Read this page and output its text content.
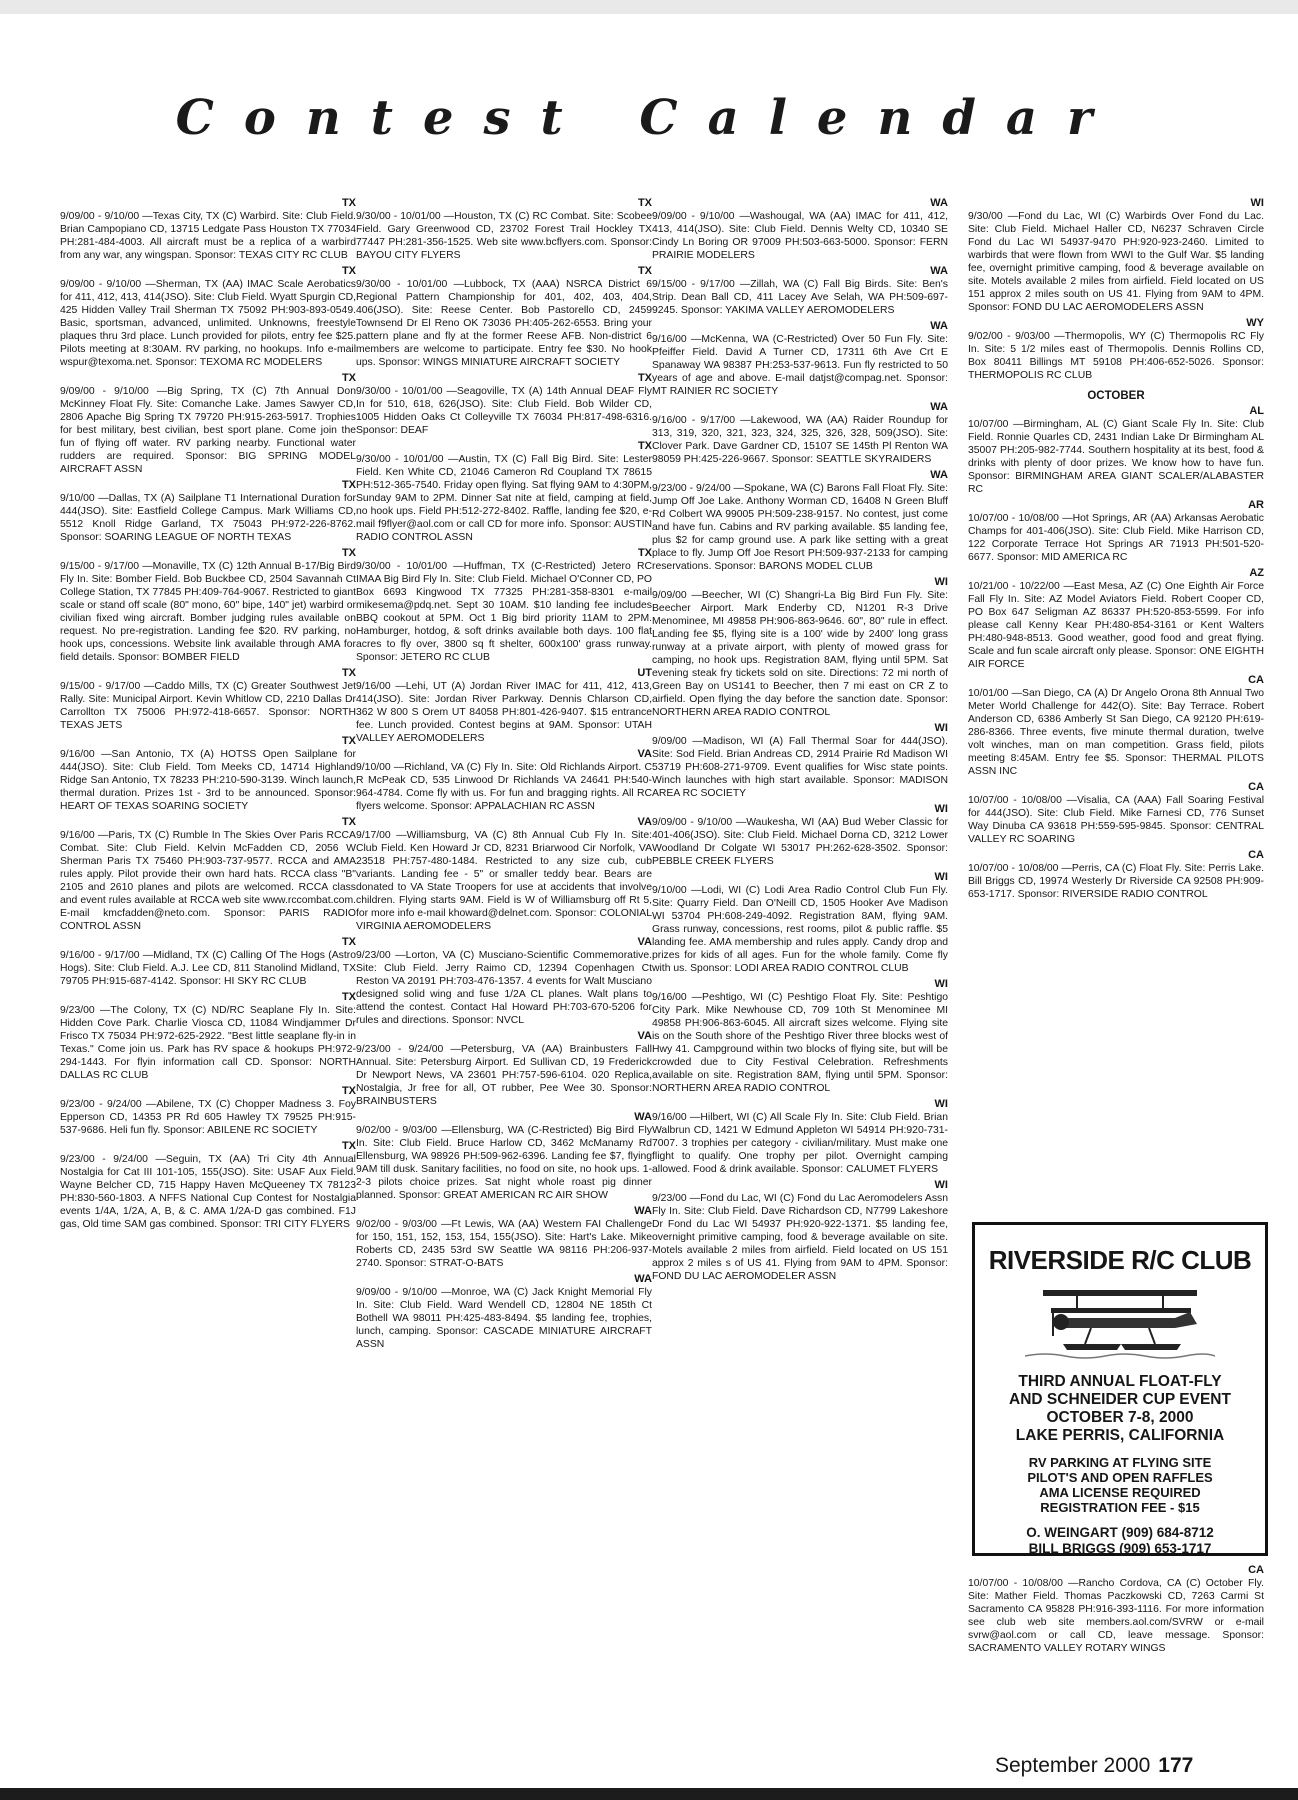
Contest Calendar
TX

9/09/00 - 9/10/00 —Texas City, TX (C) Warbird. Site: Club Field. Brian Campopiano CD, 13715 Ledgate Pass Houston TX 77034 PH:281-484-4003. All aircraft must be a replica of a warbird from any war, any wingspan. Sponsor: TEXAS CITY RC CLUB

TX

9/09/00 - 9/10/00 —Sherman, TX (AA) IMAC Scale Aerobatics for 411, 412, 413, 414(JSO). Site: Club Field. Wyatt Spurgin CD, 425 Hidden Valley Trail Sherman TX 75092 PH:903-893-0549. Basic, sportsman, advanced, unlimited. Unknowns, freestyle plaques thru 3rd place. Lunch provided for pilots, entry fee $25. Pilots meeting at 8:30AM. RV parking, no hookups. Info e-mail wspur@texoma.net. Sponsor: TEXOMA RC MODELERS

TX

9/09/00 - 9/10/00 —Big Spring, TX (C) 7th Annual Don McKinney Float Fly. Site: Comanche Lake. James Sawyer CD, 2806 Apache Big Spring TX 79720 PH:915-263-5917. Trophies for best military, best civilian, best sport plane. Come join the fun of flying off water. RV parking nearby. Functional water rudders are required. Sponsor: BIG SPRING MODEL AIRCRAFT ASSN

TX

9/10/00 —Dallas, TX (A) Sailplane T1 International Duration for 444(JSO). Site: Eastfield College Campus. Mark Williams CD, 5512 Knoll Ridge Garland, TX 75043 PH:972-226-8762. Sponsor: SOARING LEAGUE OF NORTH TEXAS

TX

9/15/00 - 9/17/00 —Monaville, TX (C) 12th Annual B-17/Big Bird Fly In. Site: Bomber Field. Bob Buckbee CD, 2504 Savannah Ct College Station, TX 77845 PH:409-764-9067. Restricted to giant scale or stand off scale (80" mono, 60" bipe, 140" jet) warbird or civilian fixed wing aircraft. Bomber judging rules available on request. No pre-registration. Landing fee $20. RV parking, no hook ups, concessions. Website link available through AMA for field details. Sponsor: BOMBER FIELD

TX

9/15/00 - 9/17/00 —Caddo Mills, TX (C) Greater Southwest Jet Rally. Site: Municipal Airport. Kevin Whitlow CD, 2210 Dallas Dr Carrollton TX 75006 PH:972-418-6657. Sponsor: NORTH TEXAS JETS

TX

9/16/00 —San Antonio, TX (A) HOTSS Open Sailplane for 444(JSO). Site: Club Field. Tom Meeks CD, 14714 Highland Ridge San Antonio, TX 78233 PH:210-590-3139. Winch launch, thermal duration. Prizes 1st - 3rd to be announced. Sponsor: HEART OF TEXAS SOARING SOCIETY

TX

9/16/00 —Paris, TX (C) Rumble In The Skies Over Paris RCCA Combat. Site: Club Field. Kelvin McFadden CD, 2056 W Sherman Paris TX 75460 PH:903-737-9577. RCCA and AMA rules apply. Pilot provide their own hard hats. RCCA class "B" 2105 and 2610 planes and pilots are welcomed. RCCA class and event rules available at RCCA web site www.rccombat.com. E-mail kmcfadden@neto.com. Sponsor: PARIS RADIO CONTROL ASSN

TX

9/16/00 - 9/17/00 —Midland, TX (C) Calling Of The Hogs (Astro Hogs). Site: Club Field. A.J. Lee CD, 811 Stanolind Midland, TX 79705 PH:915-687-4142. Sponsor: HI SKY RC CLUB

TX

9/23/00 —The Colony, TX (C) ND/RC Seaplane Fly In. Site: Hidden Cove Park. Charlie Viosca CD, 11084 Windjammer Dr Frisco TX 75034 PH:972-625-2922. "Best little seaplane fly-in in Texas." Come join us. Park has RV space & hookups PH:972-294-1443. For flyin information call CD. Sponsor: NORTH DALLAS RC CLUB

TX

9/23/00 - 9/24/00 —Abilene, TX (C) Chopper Madness 3. Foy Epperson CD, 14353 PR Rd 605 Hawley TX 79525 PH:915-537-9686. Heli fun fly. Sponsor: ABILENE RC SOCIETY

TX

9/23/00 - 9/24/00 —Seguin, TX (AA) Tri City 4th Annual Nostalgia for Cat III 101-105, 155(JSO). Site: USAF Aux Field. Wayne Belcher CD, 715 Happy Haven McQueeney TX 78123 PH:830-560-1803. A NFFS National Cup Contest for Nostalgia events 1/4A, 1/2A, A, B, & C. AMA 1/2A-D gas combined. F1J gas, Old time SAM gas combined. Sponsor: TRI CITY FLYERS

TX

9/30/00 - 10/01/00 —Houston, TX (C) RC Combat. Site: Scobee Field. Gary Greenwood CD, 23702 Forest Trail Hockley TX 77447 PH:281-356-1525. Web site www.bcflyers.com. Sponsor: BAYOU CITY FLYERS

TX

9/30/00 - 10/01/00 —Lubbock, TX (AAA) NSRCA District 6 Regional Pattern Championship for 401, 402, 403, 404, 406(JSO). Site: Reese Center. Bob Pastorello CD, 2459 Townsend Dr El Reno OK 73036 PH:405-262-6553. Bring your pattern plane and fly at the former Reese AFB. Non-district 6 members are welcome to participate. Entry fee $30. No hook ups. Sponsor: WINGS MINIATURE AIRCRAFT SOCIETY

TX

9/30/00 - 10/01/00 —Seagoville, TX (A) 14th Annual DEAF Fly In for 510, 618, 626(JSO). Site: Club Field. Bob Wilder CD, 1005 Hidden Oaks Ct Colleyville TX 76034 PH:817-498-6316. Sponsor: DEAF

TX

9/30/00 - 10/01/00 —Austin, TX (C) Fall Big Bird. Site: Lester Field. Ken White CD, 21046 Cameron Rd Coupland TX 78615 PH:512-365-7540. Friday open flying. Sat flying 9AM to 4:30PM, Sunday 9AM to 2PM. Dinner Sat nite at field, camping at field, no hook ups. Field PH:512-272-8402. Raffle, landing fee $20, e-mail f9flyer@aol.com or call CD for more info. Sponsor: AUSTIN RADIO CONTROL ASSN

TX

9/30/00 - 10/01/00 —Huffman, TX (C-Restricted) Jetero RC IMAA Big Bird Fly In. Site: Club Field. Michael O'Conner CD, PO Box 6693 Kingwood TX 77325 PH:281-358-8301 e-mail mikesema@pdq.net. Sept 30 10AM. $10 landing fee includes BBQ cookout at 5PM. Oct 1 Big bird priority 11AM to 2PM. Hamburger, hotdog, & soft drinks available both days. 100 flat acres to fly over, 3800 sq ft shelter, 600x100' grass runway. Sponsor: JETERO RC CLUB

UT

9/16/00 —Lehi, UT (A) Jordan River IMAC for 411, 412, 413, 414(JSO). Site: Jordan River Parkway. Dennis Chlarson CD, 362 W 800 S Orem UT 84058 PH:801-426-9407. $15 entrance fee. Lunch provided. Contest begins at 9AM. Sponsor: UTAH VALLEY AEROMODELERS

VA

9/10/00 —Richland, VA (C) Fly In. Site: Old Richlands Airport. C R McPeak CD, 535 Linwood Dr Richlands VA 24641 PH:540-964-4784. Come fly with us. For fun and bragging rights. All RC flyers welcome. Sponsor: APPALACHIAN RC ASSN

VA

9/17/00 —Williamsburg, VA (C) 8th Annual Cub Fly In. Site: Club Field. Ken Howard Jr CD, 8231 Briarwood Cir Norfolk, VA 23518 PH:757-480-1484. Restricted to any size cub, cub variants. Landing fee - 5" or smaller teddy bear. Bears are donated to VA State Troopers for use at accidents that involve children. Flying starts 9AM. Field is W of Williamsburg off Rt 5, for more info e-mail khoward@delnet.com. Sponsor: COLONIAL VIRGINIA AEROMODELERS

VA

9/23/00 —Lorton, VA (C) Musciano-Scientific Commemorative. Site: Club Field. Jerry Raimo CD, 12394 Copenhagen Ct Reston VA 20191 PH:703-476-1357. 4 events for Walt Musciano designed solid wing and fuse 1/2A CL planes. Walt plans to attend the contest. Contact Hal Howard PH:703-670-5206 for rules and directions. Sponsor: NVCL

VA

9/23/00 - 9/24/00 —Petersburg, VA (AA) Brainbusters Fall Annual. Site: Petersburg Airport. Ed Sullivan CD, 19 Frederick Dr Newport News, VA 23601 PH:757-596-6104. 020 Replica, Nostalgia, Jr free for all, OT rubber, Pee Wee 30. Sponsor: BRAINBUSTERS

WA

9/02/00 - 9/03/00 —Ellensburg, WA (C-Restricted) Big Bird Fly In. Site: Club Field. Bruce Harlow CD, 3462 McManamy Rd Ellensburg, WA 98926 PH:509-962-6396. Landing fee $7, flying 9AM till dusk. Sanitary facilities, no food on site, no hook ups. 1-2-3 pilots choice prizes. Sat night whole roast pig dinner planned. Sponsor: GREAT AMERICAN RC AIR SHOW

WA

9/02/00 - 9/03/00 —Ft Lewis, WA (AA) Western FAI Challenge for 150, 151, 152, 153, 154, 155(JSO). Site: Hart's Lake. Mike Roberts CD, 2435 53rd SW Seattle WA 98116 PH:206-937-2740. Sponsor: STRAT-O-BATS

WA

9/09/00 - 9/10/00 —Monroe, WA (C) Jack Knight Memorial Fly In. Site: Club Field. Ward Wendell CD, 12804 NE 185th Ct Bothell WA 98011 PH:425-483-8494. $5 landing fee, trophies, lunch, camping. Sponsor: CASCADE MINIATURE AIRCRAFT ASSN

WA

9/09/00 - 9/10/00 —Washougal, WA (AA) IMAC for 411, 412, 413, 414(JSO). Site: Club Field. Dennis Welty CD, 10340 SE Cindy Ln Boring OR 97009 PH:503-663-5000. Sponsor: FERN PRAIRIE MODELERS

WA

9/15/00 - 9/17/00 —Zillah, WA (C) Fall Big Birds. Site: Ben's Strip. Dean Ball CD, 411 Lacey Ave Selah, WA PH:509-697-9245. Sponsor: YAKIMA VALLEY AEROMODELERS

WA

9/16/00 —McKenna, WA (C-Restricted) Over 50 Fun Fly. Site: Pfeiffer Field. David A Turner CD, 17311 6th Ave Crt E Spanaway WA 98387 PH:253-537-9613. Fun fly restricted to 50 years of age and above. E-mail datjst@compag.net. Sponsor: MT RAINIER RC SOCIETY

WA

9/16/00 - 9/17/00 —Lakewood, WA (AA) Raider Roundup for 313, 319, 320, 321, 323, 324, 325, 326, 328, 509(JSO). Site: Clover Park. Dave Gardner CD, 15107 SE 145th Pl Renton WA 98059 PH:425-226-9667. Sponsor: SEATTLE SKYRAIDERS

WA

9/23/00 - 9/24/00 —Spokane, WA (C) Barons Fall Float Fly. Site: Jump Off Joe Lake. Anthony Worman CD, 16408 N Green Bluff Rd Colbert WA 99005 PH:509-238-9157. No contest, just come and have fun. Cabins and RV parking available. $5 landing fee, plus $2 for camp ground use. A park like setting with a great place to fly. Jump Off Joe Resort PH:509-937-2133 for camping reservations. Sponsor: BARONS MODEL CLUB

WI

9/09/00 —Beecher, WI (C) Shangri-La Big Bird Fun Fly. Site: Beecher Airport. Mark Enderby CD, N1201 R-3 Drive Menominee, MI 49858 PH:906-863-9646. 60", 80" rule in effect. Landing fee $5, flying site is a 100' wide by 2400' long grass runway at a private airport, with plenty of mowed grass for camping, no hook ups. Registration 8AM, flying until 5PM. Sat evening steak fry tickets sold on site. Directions: 72 mi north of Green Bay on US141 to Beecher, then 7 mi east on CR Z to airfield. Open flying the day before the sanction date. Sponsor: NORTHERN AREA RADIO CONTROL

WI

9/09/00 —Madison, WI (A) Fall Thermal Soar for 444(JSO). Site: Sod Field. Brian Andreas CD, 2914 Prairie Rd Madison WI 53719 PH:608-271-9709. Event qualifies for Wisc state points. Winch launches with high start available. Sponsor: MADISON AREA RC SOCIETY

WI

9/09/00 - 9/10/00 —Waukesha, WI (AA) Bud Weber Classic for 401-406(JSO). Site: Club Field. Michael Dorna CD, 3212 Lower Woodland Dr Colgate WI 53017 PH:262-628-3502. Sponsor: PEBBLE CREEK FLYERS

WI

9/10/00 —Lodi, WI (C) Lodi Area Radio Control Club Fun Fly. Site: Quarry Field. Dan O'Neill CD, 1505 Hooker Ave Madison WI 53704 PH:608-249-4092. Registration 8AM, flying 9AM. Grass runway, concessions, rest rooms, pilot & public raffle. $5 landing fee. AMA membership and rules apply. Candy drop and prizes for kids of all ages. Fun for the whole family. Come fly with us. Sponsor: LODI AREA RADIO CONTROL CLUB

WI

9/16/00 —Peshtigo, WI (C) Peshtigo Float Fly. Site: Peshtigo City Park. Mike Newhouse CD, 709 10th St Menominee MI 49858 PH:906-863-6045. All aircraft sizes welcome. Flying site is on the South shore of the Peshtigo River three blocks west of Hwy 41. Campground within two blocks of flying site, but will be crowded due to City Festival Celebration. Refreshments available on site. Registration 8AM, flying until 5PM. Sponsor: NORTHERN AREA RADIO CONTROL

WI

9/16/00 —Hilbert, WI (C) All Scale Fly In. Site: Club Field. Brian Walbrun CD, 1421 W Edmund Appleton WI 54914 PH:920-731-7007. 3 trophies per category - civilian/military. Must make one flight to qualify. One trophy per pilot. Overnight camping allowed. Food & drink available. Sponsor: CALUMET FLYERS

WI

9/23/00 —Fond du Lac, WI (C) Fond du Lac Aeromodelers Assn Fly In. Site: Club Field. Dave Richardson CD, N7799 Lakeshore Dr Fond du Lac WI 54937 PH:920-922-1371. $5 landing fee, overnight primitive camping, food & beverage available on site. Motels available 2 miles from airfield. Field located on US 151 approx 2 miles s of US 41. Flying from 9AM to 4PM. Sponsor: FOND DU LAC AEROMODELER ASSN

WI

9/30/00 —Fond du Lac, WI (C) Warbirds Over Fond du Lac. Site: Club Field. Michael Haller CD, N6237 Schraven Circle Fond du Lac WI 54937-9470 PH:920-923-2460. Limited to warbirds that were flown from WWI to the Gulf War. $5 landing fee, overnight primitive camping, food & beverage available on site. Motels available 2 miles from airfield. Field located on US 151 approx 2 miles south on US 41. Flying from 9AM to 4PM. Sponsor: FOND DU LAC AEROMODELERS ASSN

WY

9/02/00 - 9/03/00 —Thermopolis, WY (C) Thermopolis RC Fly In. Site: 5 1/2 miles east of Thermopolis. Dennis Rollins CD, Box 80411 Billings MT 59108 PH:406-652-5026. Sponsor: THERMOPOLIS RC CLUB

OCTOBER
AL

10/07/00 —Birmingham, AL (C) Giant Scale Fly In. Site: Club Field. Ronnie Quarles CD, 2431 Indian Lake Dr Birmingham AL 35007 PH:205-982-7744. Southern hospitality at its best, food & drinks with plenty of door prizes. We know how to have fun. Sponsor: BIRMINGHAM AREA GIANT SCALER/ALABASTER RC

AR

10/07/00 - 10/08/00 —Hot Springs, AR (AA) Arkansas Aerobatic Champs for 401-406(JSO). Site: Club Field. Mike Harrison CD, 122 Corporate Terrace Hot Springs AR 71913 PH:501-520-6677. Sponsor: MID AMERICA RC

AZ

10/21/00 - 10/22/00 —East Mesa, AZ (C) One Eighth Air Force Fall Fly In. Site: AZ Model Aviators Field. Robert Cooper CD, PO Box 647 Seligman AZ 86337 PH:520-853-5599. For info please call Kenny Kear PH:480-854-3161 or Kent Walters PH:480-948-8513. Good weather, good food and great flying. Scale and fun scale aircraft only please. Sponsor: ONE EIGHTH AIR FORCE

CA

10/01/00 —San Diego, CA (A) Dr Angelo Orona 8th Annual Two Meter World Challenge for 442(O). Site: Bay Terrace. Robert Anderson CD, 6386 Amberly St San Diego, CA 92120 PH:619-286-8366. Three events, five minute thermal duration, twelve volt winches, man on man competition. Grass field, pilots meeting 8:45AM. Entry fee $5. Sponsor: THERMAL PILOTS ASSN INC

CA

10/07/00 - 10/08/00 —Visalia, CA (AAA) Fall Soaring Festival for 444(JSO). Site: Club Field. Mike Farnesi CD, 776 Sunset Way Dinuba CA 93618 PH:559-595-9845. Sponsor: CENTRAL VALLEY RC SOARING

CA

10/07/00 - 10/08/00 —Perris, CA (C) Float Fly. Site: Perris Lake. Bill Briggs CD, 19974 Westerly Dr Riverside CA 92508 PH:909-653-1717. Sponsor: RIVERSIDE RADIO CONTROL

RIVERSIDE R/C CLUB
THIRD ANNUAL FLOAT-FLY
AND SCHNEIDER CUP EVENT
OCTOBER 7-8, 2000
LAKE PERRIS, CALIFORNIA
RV PARKING AT FLYING SITE
PILOT'S AND OPEN RAFFLES
AMA LICENSE REQUIRED
REGISTRATION FEE - $15
O. WEINGART (909) 684-8712
BILL BRIGGS (909) 653-1717
CA

10/07/00 - 10/08/00 —Rancho Cordova, CA (C) October Fly. Site: Mather Field. Thomas Paczkowski CD, 7263 Carmi St Sacramento CA 95828 PH:916-393-1116. For more information see club web site members.aol.com/SVRW or e-mail svrw@aol.com or call CD, leave message. Sponsor: SACRAMENTO VALLEY ROTARY WINGS

September 2000 177
